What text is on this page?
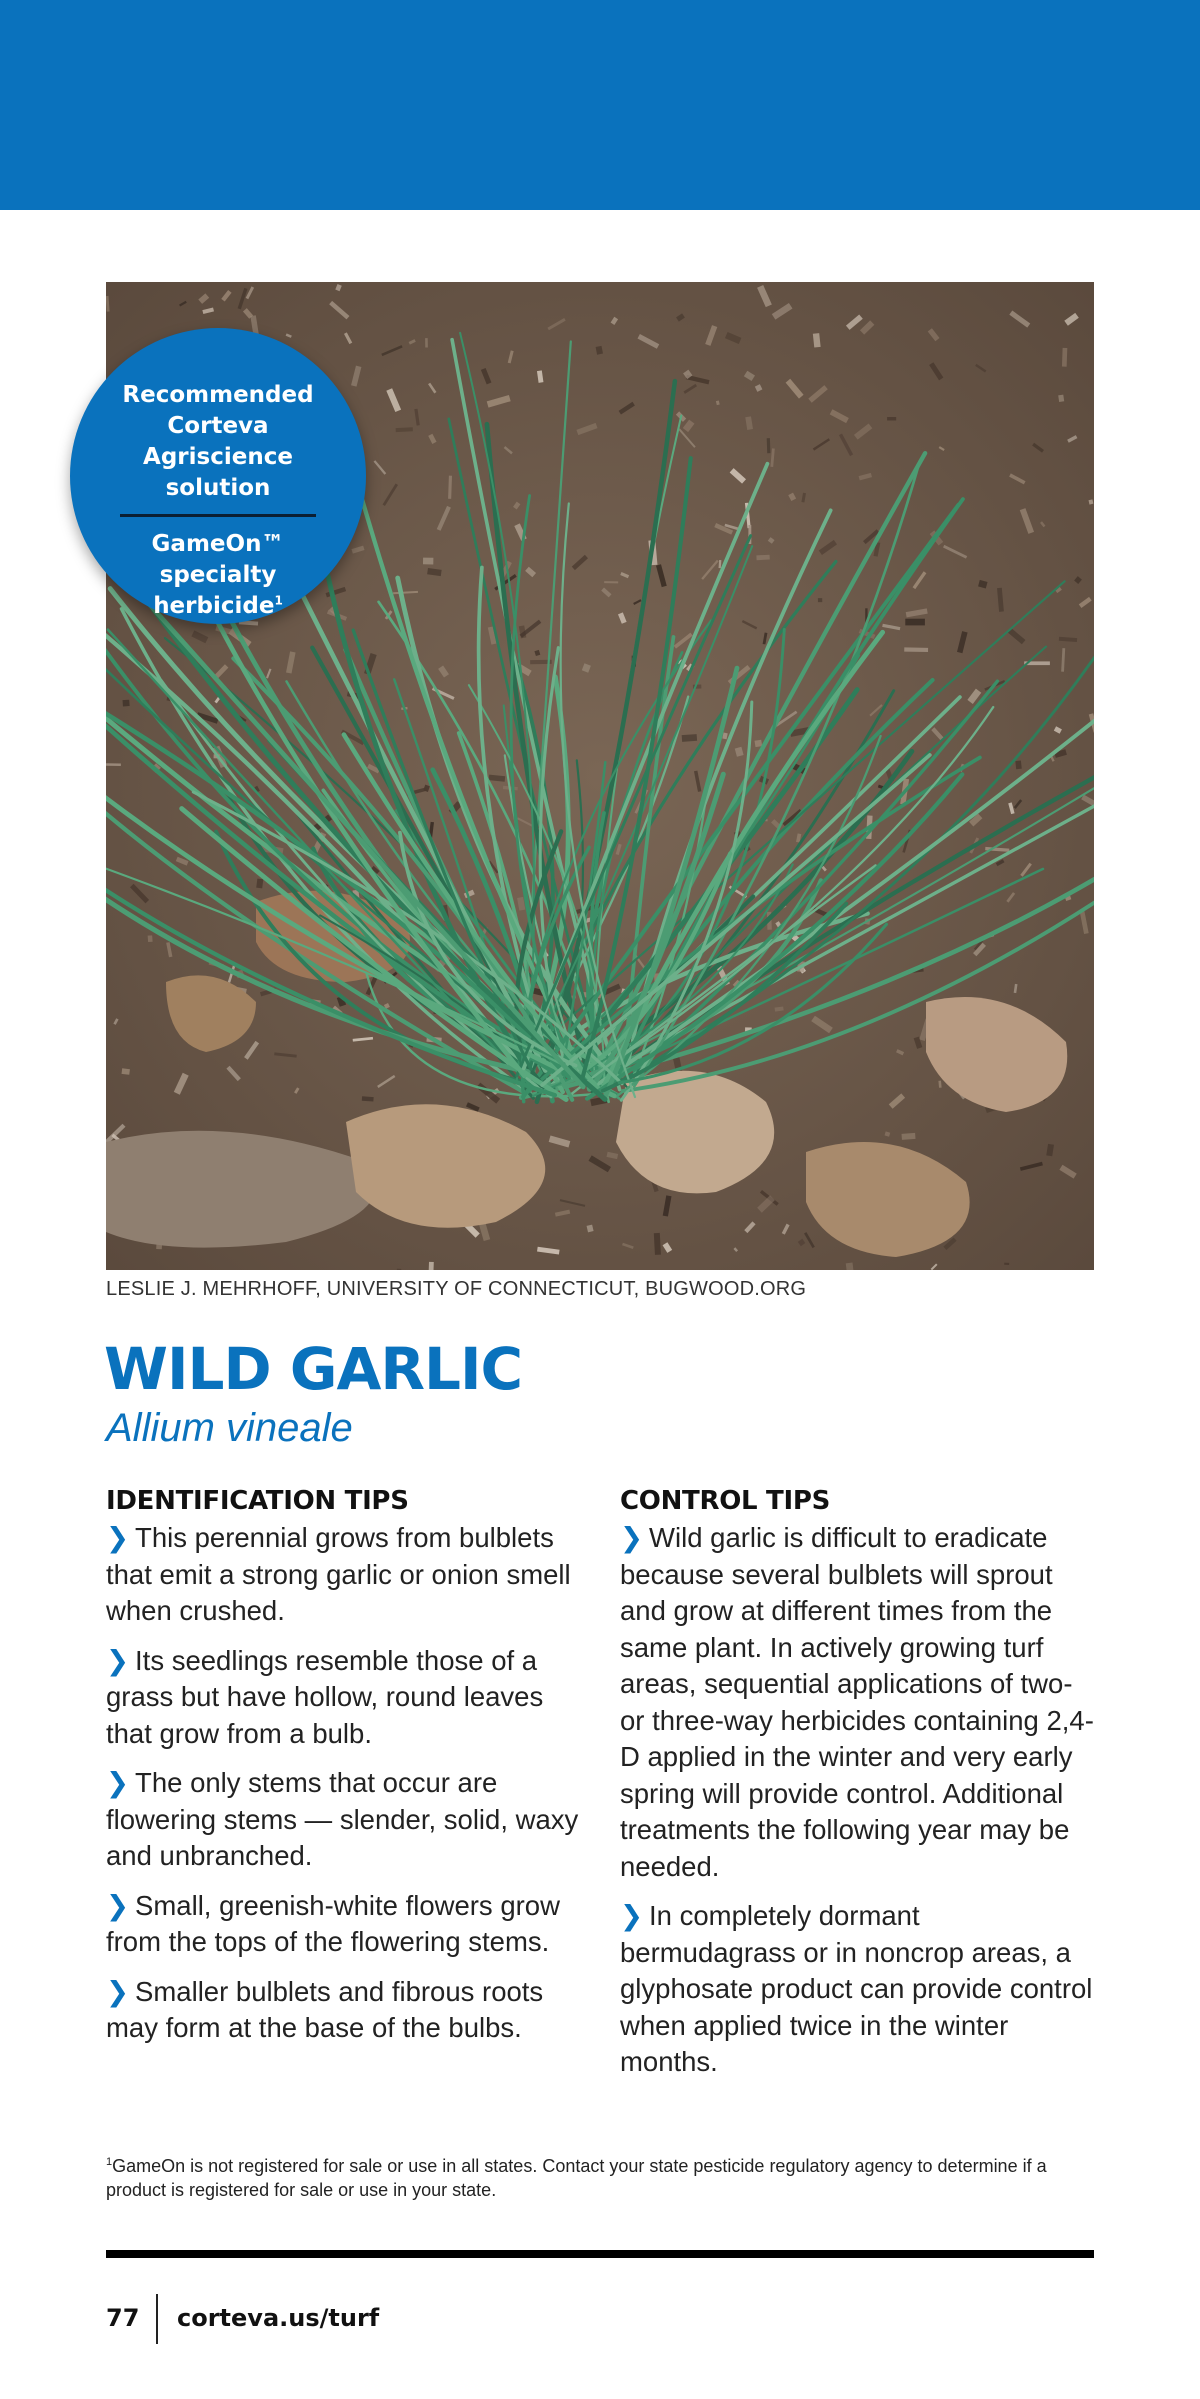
Recommended Corteva Agriscience solution
GameOn™ specialty herbicide$^1$
LESLIE J. MEHRHOFF, UNIVERSITY OF CONNECTICUT, BUGWOOD.ORG
WILD GARLIC
Allium vineale
IDENTIFICATION TIPS

❯ This perennial grows from bulblets that emit a strong garlic or onion smell when crushed.

❯ Its seedlings resemble those of a grass but have hollow, round leaves that grow from a bulb.

❯ The only stems that occur are flowering stems — slender, solid, waxy and unbranched.

❯ Small, greenish-white flowers grow from the tops of the flowering stems.

❯ Smaller bulblets and fibrous roots may form at the base of the bulbs.

CONTROL TIPS

❯ Wild garlic is difficult to eradicate because several bulblets will sprout and grow at different times from the same plant. In actively growing turf areas, sequential applications of two- or three-way herbicides containing 2,4-D applied in the winter and very early spring will provide control. Additional treatments the following year may be needed.

❯ In completely dormant bermudagrass or in noncrop areas, a glyphosate product can provide control when applied twice in the winter months.

$^1$GameOn is not registered for sale or use in all states. Contact your state pesticide regulatory agency to determine if a product is registered for sale or use in your state.
77 corteva.us/turf
